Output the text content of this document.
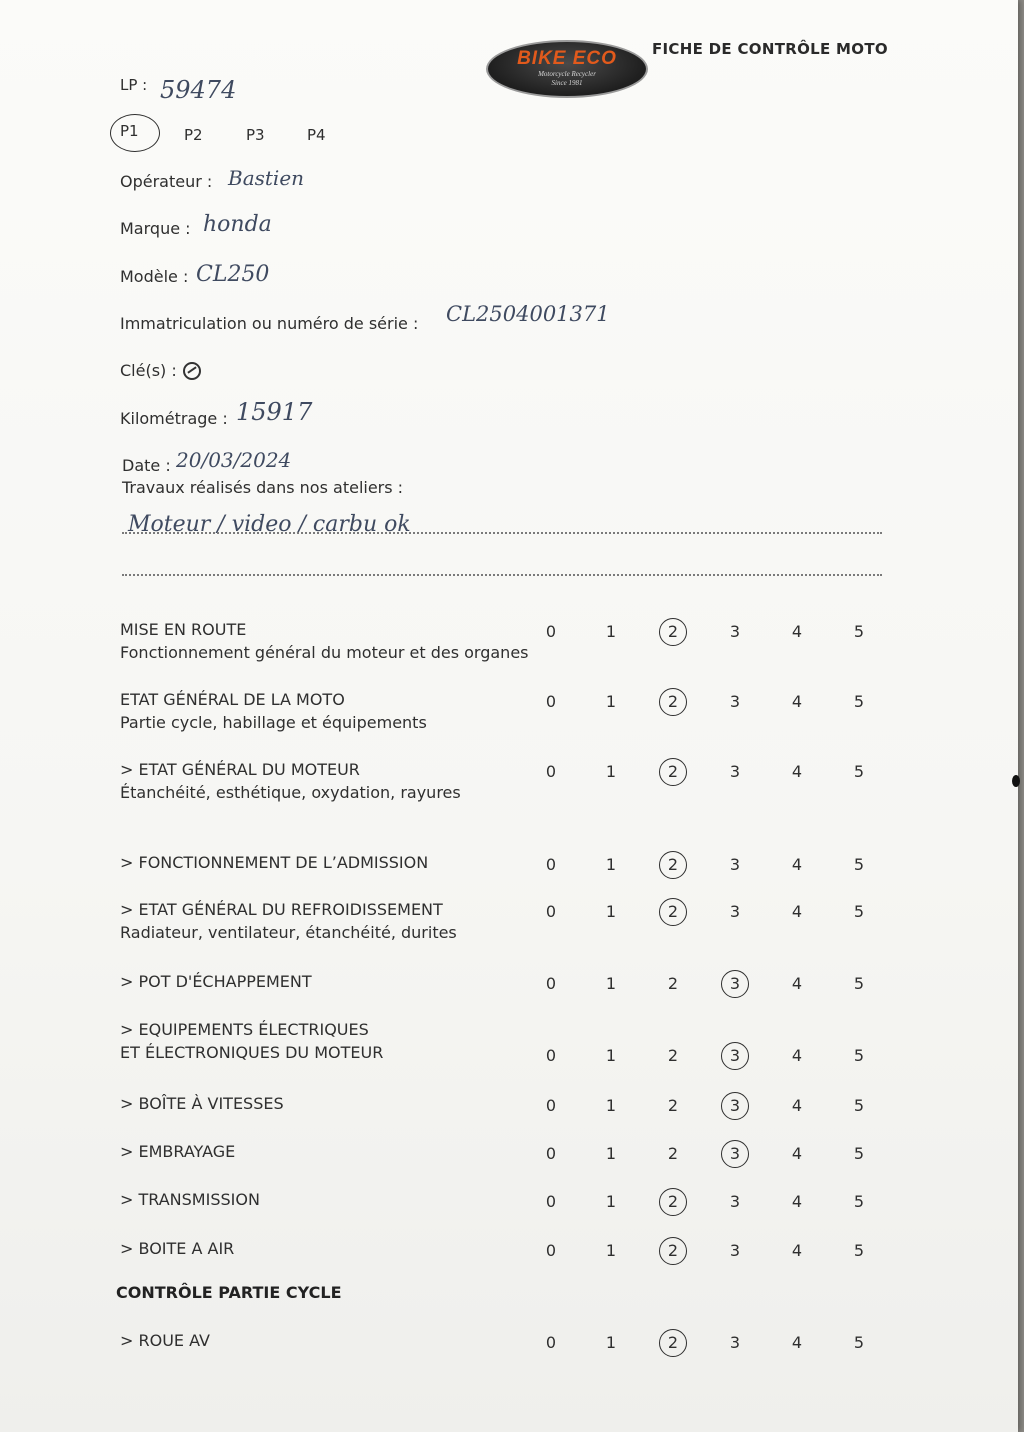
BIKE ECO
Motorcycle Recycler
Since 1981
FICHE DE CONTRÔLE MOTO
LP : 59474
P1	P2	P3	P4
Opérateur : Bastien
Marque : honda
Modèle : CL250
Immatriculation ou numéro de série : CL2504001371
Clé(s) :
Kilométrage : 15917
Date : 20/03/2024
Travaux réalisés dans nos ateliers :
Moteur / video / carbu ok
MISE EN ROUTE
Fonctionnement général du moteur et des organes
0	1	2	3	4	5
ETAT GÉNÉRAL DE LA MOTO
Partie cycle, habillage et équipements
0	1	2	3	4	5
> ETAT GÉNÉRAL DU MOTEUR
Étanchéité, esthétique, oxydation, rayures
0	1	2	3	4	5
> FONCTIONNEMENT DE L’ADMISSION	0	1	2	3	4	5
> ETAT GÉNÉRAL DU REFROIDISSEMENT
Radiateur, ventilateur, étanchéité, durites
0	1	2	3	4	5
> POT D'ÉCHAPPEMENT	0	1	2	3	4	5
> EQUIPEMENTS ÉLECTRIQUES
ET ÉLECTRONIQUES DU MOTEUR	0	1	2	3	4	5
> BOÎTE À VITESSES	0	1	2	3	4	5
> EMBRAYAGE	0	1	2	3	4	5
> TRANSMISSION	0	1	2	3	4	5
> BOITE A AIR	0	1	2	3	4	5
CONTRÔLE PARTIE CYCLE
> ROUE AV	0	1	2	3	4	5
